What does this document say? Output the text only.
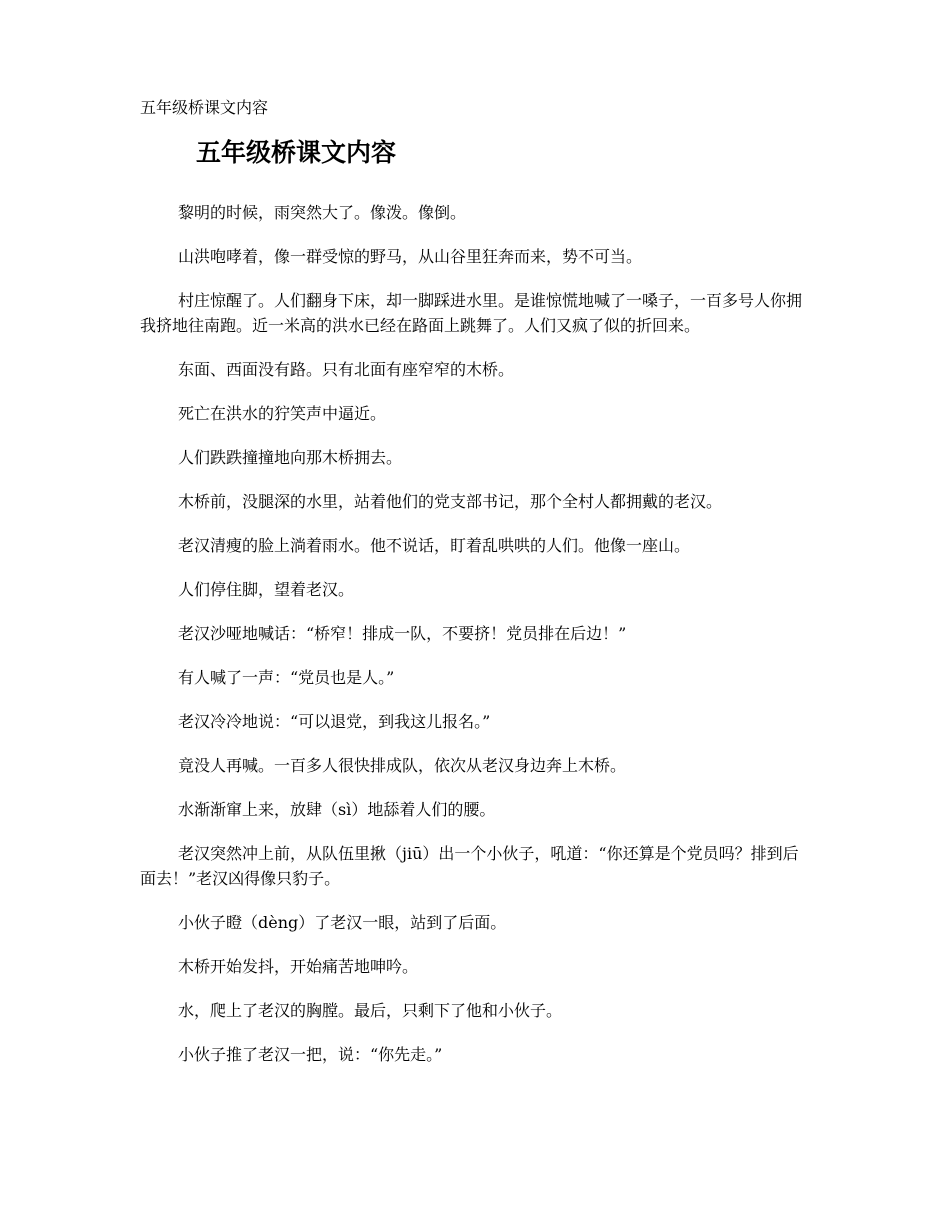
五年级桥课文内容
五年级桥课文内容

黎明的时候，雨突然大了。像泼。像倒。

山洪咆哮着，像一群受惊的野马，从山谷里狂奔而来，势不可当。

村庄惊醒了。人们翻身下床，却一脚踩进水里。是谁惊慌地喊了一嗓子，一百多号人你拥我挤地往南跑。近一米高的洪水已经在路面上跳舞了。人们又疯了似的折回来。

东面、西面没有路。只有北面有座窄窄的木桥。

死亡在洪水的狞笑声中逼近。

人们跌跌撞撞地向那木桥拥去。

木桥前，没腿深的水里，站着他们的党支部书记，那个全村人都拥戴的老汉。

老汉清瘦的脸上淌着雨水。他不说话，盯着乱哄哄的人们。他像一座山。

人们停住脚，望着老汉。

老汉沙哑地喊话：“桥窄！排成一队，不要挤！党员排在后边！”

有人喊了一声：“党员也是人。”

老汉冷冷地说：“可以退党，到我这儿报名。”

竟没人再喊。一百多人很快排成队，依次从老汉身边奔上木桥。

水渐渐窜上来，放肆（sì）地舔着人们的腰。

老汉突然冲上前，从队伍里揪（jiū）出一个小伙子，吼道：“你还算是个党员吗？排到后面去！”老汉凶得像只豹子。

小伙子瞪（dèng）了老汉一眼，站到了后面。

木桥开始发抖，开始痛苦地呻吟。

水，爬上了老汉的胸膛。最后，只剩下了他和小伙子。

小伙子推了老汉一把，说：“你先走。”
